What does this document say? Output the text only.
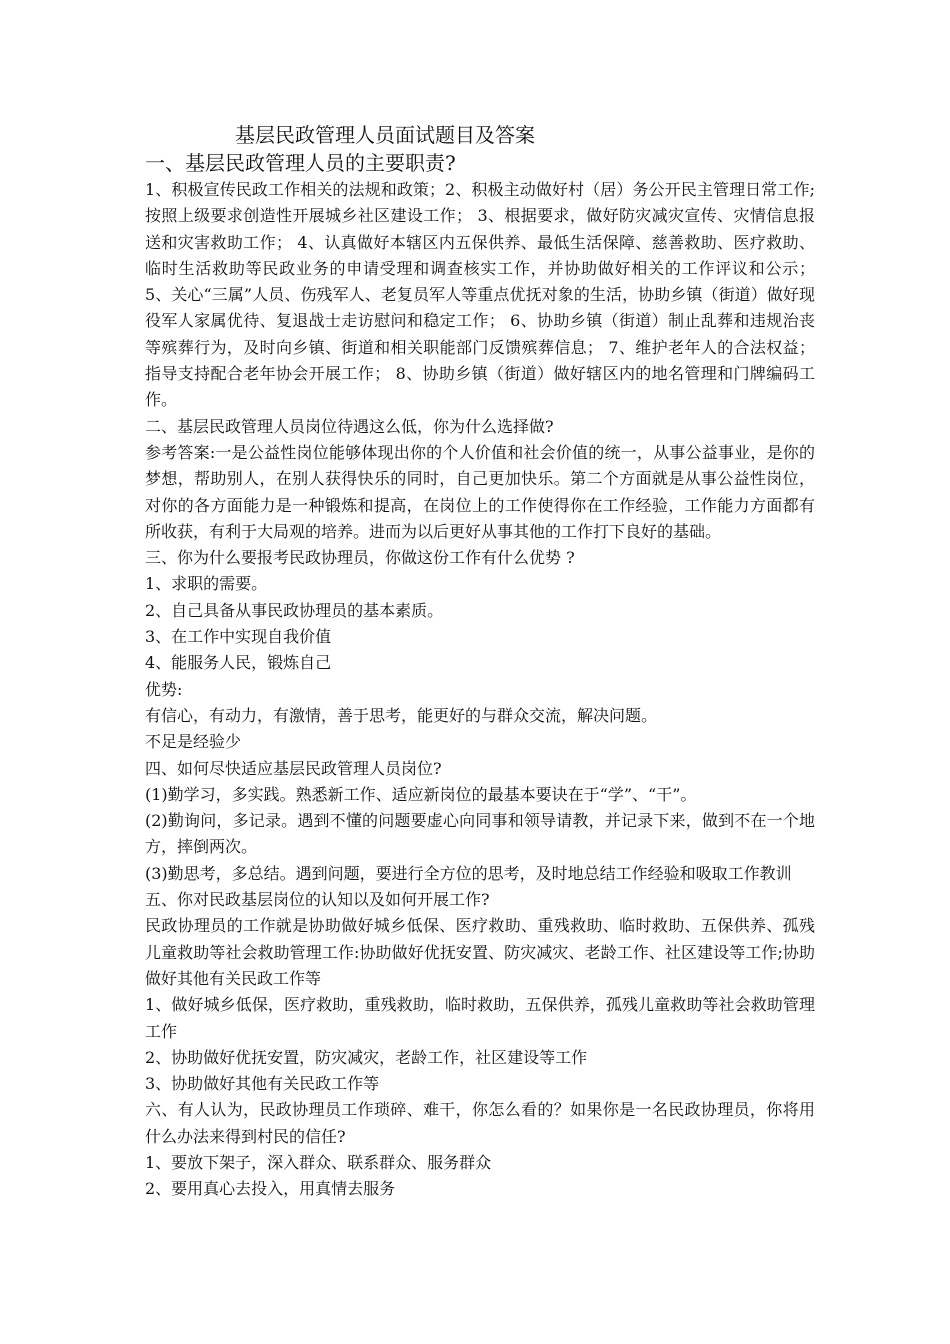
基层民政管理人员面试题目及答案
一、基层民政管理人员的主要职责?

1、积极宣传民政工作相关的法规和政策；2、积极主动做好村（居）务公开民主管理日常工作;按照上级要求创造性开展城乡社区建设工作； 3、根据要求，做好防灾减灾宣传、灾情信息报送和灾害救助工作； 4、认真做好本辖区内五保供养、最低生活保障、慈善救助、医疗救助、临时生活救助等民政业务的申请受理和调查核实工作，并协助做好相关的工作评议和公示； 5、关心“三属”人员、伤残军人、老复员军人等重点优抚对象的生活，协助乡镇（街道）做好现役军人家属优待、复退战士走访慰问和稳定工作； 6、协助乡镇（街道）制止乱葬和违规治丧等殡葬行为，及时向乡镇、街道和相关职能部门反馈殡葬信息； 7、维护老年人的合法权益；指导支持配合老年协会开展工作； 8、协助乡镇（街道）做好辖区内的地名管理和门牌编码工作。

二、基层民政管理人员岗位待遇这么低，你为什么选择做?

参考答案:一是公益性岗位能够体现出你的个人价值和社会价值的统一，从事公益事业，是你的梦想，帮助别人，在别人获得快乐的同时，自己更加快乐。第二个方面就是从事公益性岗位，对你的各方面能力是一种锻炼和提高，在岗位上的工作使得你在工作经验，工作能力方面都有所收获，有利于大局观的培养。进而为以后更好从事其他的工作打下良好的基础。

三、你为什么要报考民政协理员，你做这份工作有什么优势 ?

1、求职的需要。

2、自己具备从事民政协理员的基本素质。

3、在工作中实现自我价值

4、能服务人民，锻炼自己

优势:

有信心，有动力，有激情，善于思考，能更好的与群众交流，解决问题。

不足是经验少

四、如何尽快适应基层民政管理人员岗位?

(1)勤学习，多实践。熟悉新工作、适应新岗位的最基本要诀在于“学”、“干”。

(2)勤询问，多记录。遇到不懂的问题要虚心向同事和领导请教，并记录下来，做到不在一个地方，摔倒两次。

(3)勤思考，多总结。遇到问题，要进行全方位的思考，及时地总结工作经验和吸取工作教训

五、你对民政基层岗位的认知以及如何开展工作?

民政协理员的工作就是协助做好城乡低保、医疗救助、重残救助、临时救助、五保供养、孤残儿童救助等社会救助管理工作:协助做好优抚安置、防灾减灾、老龄工作、社区建设等工作;协助做好其他有关民政工作等

1、做好城乡低保，医疗救助，重残救助，临时救助，五保供养，孤残儿童救助等社会救助管理工作

2、协助做好优抚安置，防灾减灾，老龄工作，社区建设等工作

3、协助做好其他有关民政工作等

六、有人认为，民政协理员工作琐碎、难干，你怎么看的？如果你是一名民政协理员，你将用什么办法来得到村民的信任?

1、要放下架子，深入群众、联系群众、服务群众

2、要用真心去投入，用真情去服务
